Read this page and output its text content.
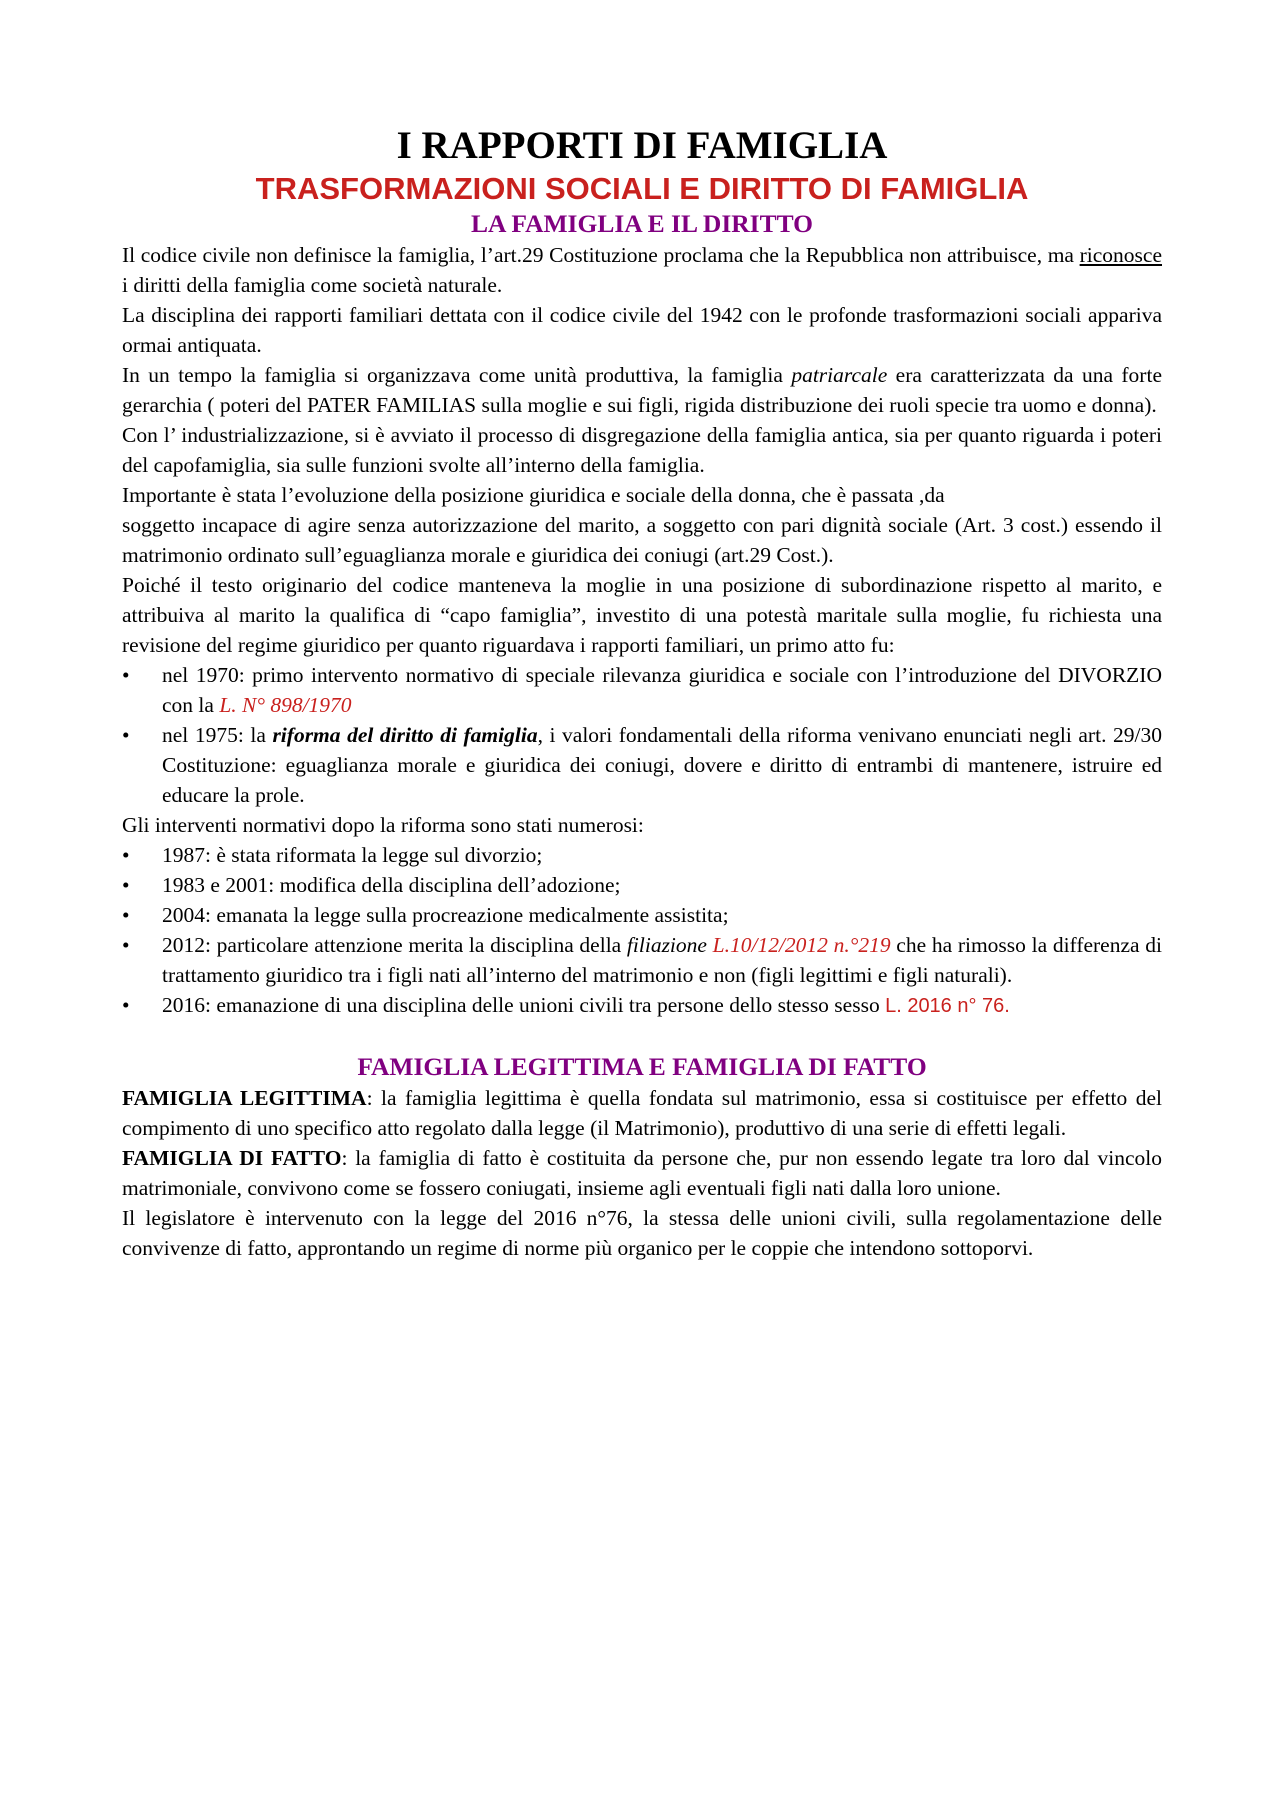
I RAPPORTI DI FAMIGLIA
TRASFORMAZIONI SOCIALI E DIRITTO DI FAMIGLIA
LA FAMIGLIA E IL DIRITTO

Il codice civile non definisce la famiglia, l’art.29 Costituzione proclama che la Repubblica non attribuisce, ma riconosce i diritti della famiglia come società naturale.

La disciplina dei rapporti familiari dettata con il codice civile del 1942 con le profonde trasformazioni sociali appariva ormai antiquata.

In un tempo la famiglia si organizzava come unità produttiva, la famiglia patriarcale era caratterizzata da una forte gerarchia ( poteri del PATER FAMILIAS sulla moglie e sui figli, rigida distribuzione dei ruoli specie tra uomo e donna).

Con l’ industrializzazione, si è avviato il processo di disgregazione della famiglia antica, sia per quanto riguarda i poteri del capofamiglia, sia sulle funzioni svolte all’interno della famiglia.

Importante è stata l’evoluzione della posizione giuridica e sociale della donna, che è passata ,da

soggetto incapace di agire senza autorizzazione del marito, a soggetto con pari dignità sociale (Art. 3 cost.) essendo il matrimonio ordinato sull’eguaglianza morale e giuridica dei coniugi (art.29 Cost.).

Poiché il testo originario del codice manteneva la moglie in una posizione di subordinazione rispetto al marito, e attribuiva al marito la qualifica di “capo famiglia”, investito di una potestà maritale sulla moglie, fu richiesta una revisione del regime giuridico per quanto riguardava i rapporti familiari, un primo atto fu:

• nel 1970: primo intervento normativo di speciale rilevanza giuridica e sociale con l’introduzione del DIVORZIO con la L. N° 898/1970
• nel 1975: la riforma del diritto di famiglia, i valori fondamentali della riforma venivano enunciati negli art. 29/30 Costituzione: eguaglianza morale e giuridica dei coniugi, dovere e diritto di entrambi di mantenere, istruire ed educare la prole.

Gli interventi normativi dopo la riforma sono stati numerosi:

• 1987: è stata riformata la legge sul divorzio;
• 1983 e 2001: modifica della disciplina dell’adozione;
• 2004: emanata la legge sulla procreazione medicalmente assistita;
• 2012: particolare attenzione merita la disciplina della filiazione L.10/12/2012 n.°219 che ha rimosso la differenza di trattamento giuridico tra i figli nati all’interno del matrimonio e non (figli legittimi e figli naturali).
• 2016: emanazione di una disciplina delle unioni civili tra persone dello stesso sesso L. 2016 n° 76.
FAMIGLIA LEGITTIMA E FAMIGLIA DI FATTO

FAMIGLIA LEGITTIMA: la famiglia legittima è quella fondata sul matrimonio, essa si costituisce per effetto del compimento di uno specifico atto regolato dalla legge (il Matrimonio), produttivo di una serie di effetti legali.

FAMIGLIA DI FATTO: la famiglia di fatto è costituita da persone che, pur non essendo legate tra loro dal vincolo matrimoniale, convivono come se fossero coniugati, insieme agli eventuali figli nati dalla loro unione.

Il legislatore è intervenuto con la legge del 2016 n°76, la stessa delle unioni civili, sulla regolamentazione delle convivenze di fatto, approntando un regime di norme più organico per le coppie che intendono sottoporvi.
